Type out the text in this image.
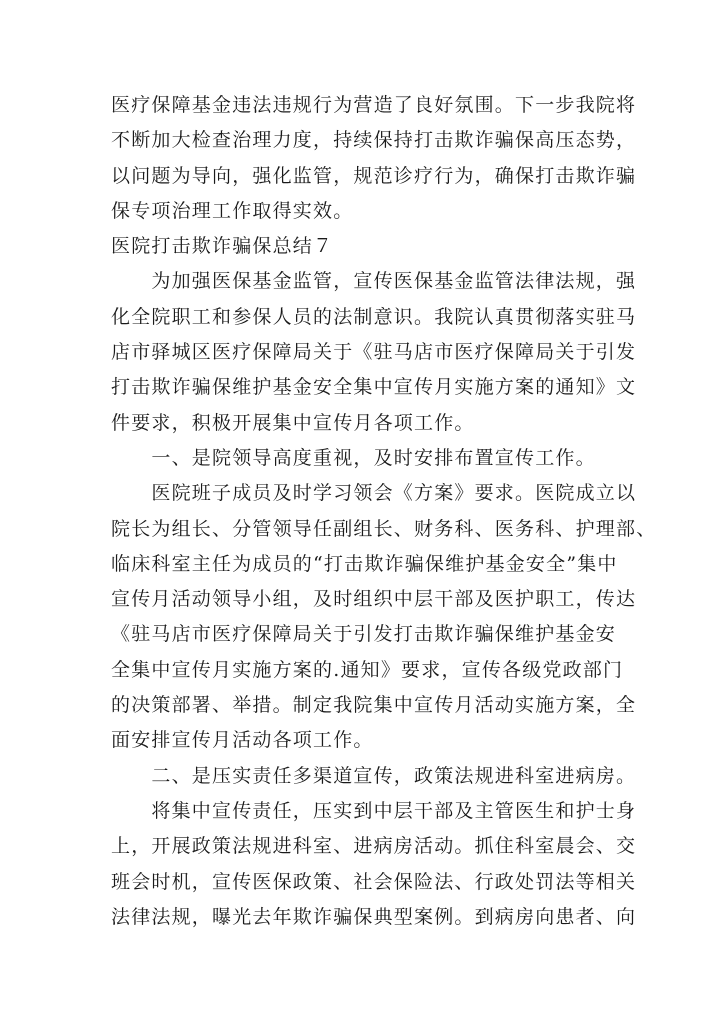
医疗保障基金违法违规行为营造了良好氛围。下一步我院将
不断加大检查治理力度，持续保持打击欺诈骗保高压态势，
以问题为导向，强化监管，规范诊疗行为，确保打击欺诈骗
保专项治理工作取得实效。

医院打击欺诈骗保总结７

　　为加强医保基金监管，宣传医保基金监管法律法规，强
化全院职工和参保人员的法制意识。我院认真贯彻落实驻马
店市驿城区医疗保障局关于《驻马店市医疗保障局关于引发
打击欺诈骗保维护基金安全集中宣传月实施方案的通知》文
件要求，积极开展集中宣传月各项工作。

　　一、是院领导高度重视，及时安排布置宣传工作。

　　医院班子成员及时学习领会《方案》要求。医院成立以
院长为组长、分管领导任副组长、财务科、医务科、护理部、
临床科室主任为成员的“打击欺诈骗保维护基金安全”集中
宣传月活动领导小组，及时组织中层干部及医护职工，传达
《驻马店市医疗保障局关于引发打击欺诈骗保维护基金安
全集中宣传月实施方案的.通知》要求，宣传各级党政部门
的决策部署、举措。制定我院集中宣传月活动实施方案，全
面安排宣传月活动各项工作。

　　二、是压实责任多渠道宣传，政策法规进科室进病房。

　　将集中宣传责任，压实到中层干部及主管医生和护士身
上，开展政策法规进科室、进病房活动。抓住科室晨会、交
班会时机，宣传医保政策、社会保险法、行政处罚法等相关
法律法规，曝光去年欺诈骗保典型案例。到病房向患者、向
